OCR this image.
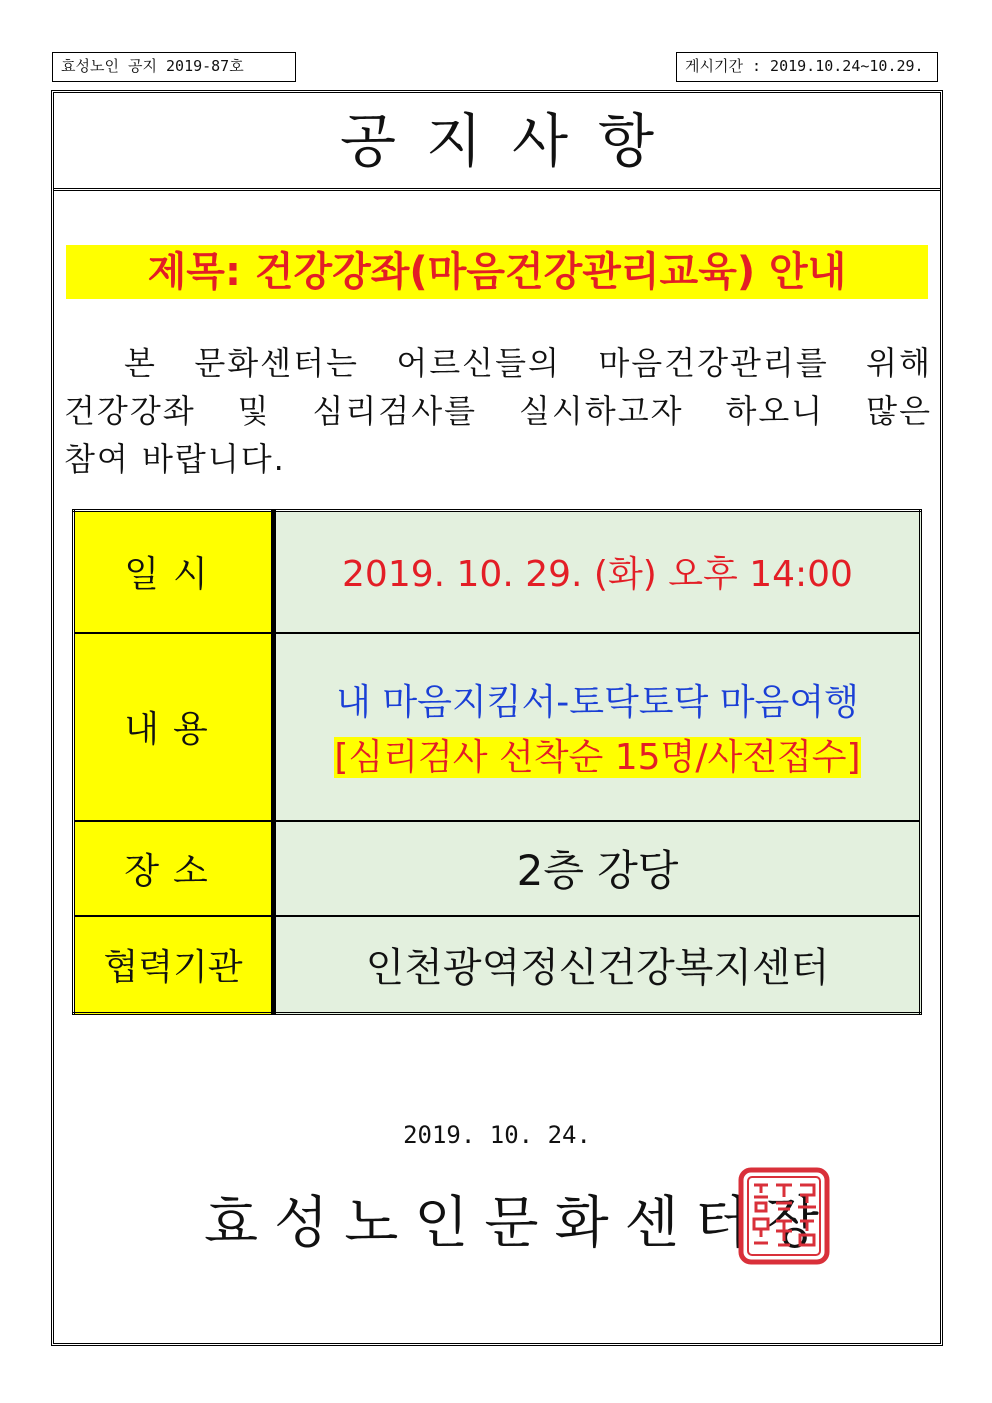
효성노인 공지 2019-87호	게시기간 : 2019.10.24~10.29.
공지사항
제목: 건강강좌(마음건강관리교육) 안내
본 문화센터는 어르신들의 마음건강관리를 위해
건강강좌 및 심리검사를 실시하고자 하오니 많은
참여 바랍니다.
일시	2019. 10. 29. (화) 오후 14:00
내용	내 마음지킴서-토닥토닥 마음여행
[심리검사 선착순 15명/사전접수]
장소	2층 강당
협력기관	인천광역정신건강복지센터
2019. 10. 24.
효성노인문화센터장
